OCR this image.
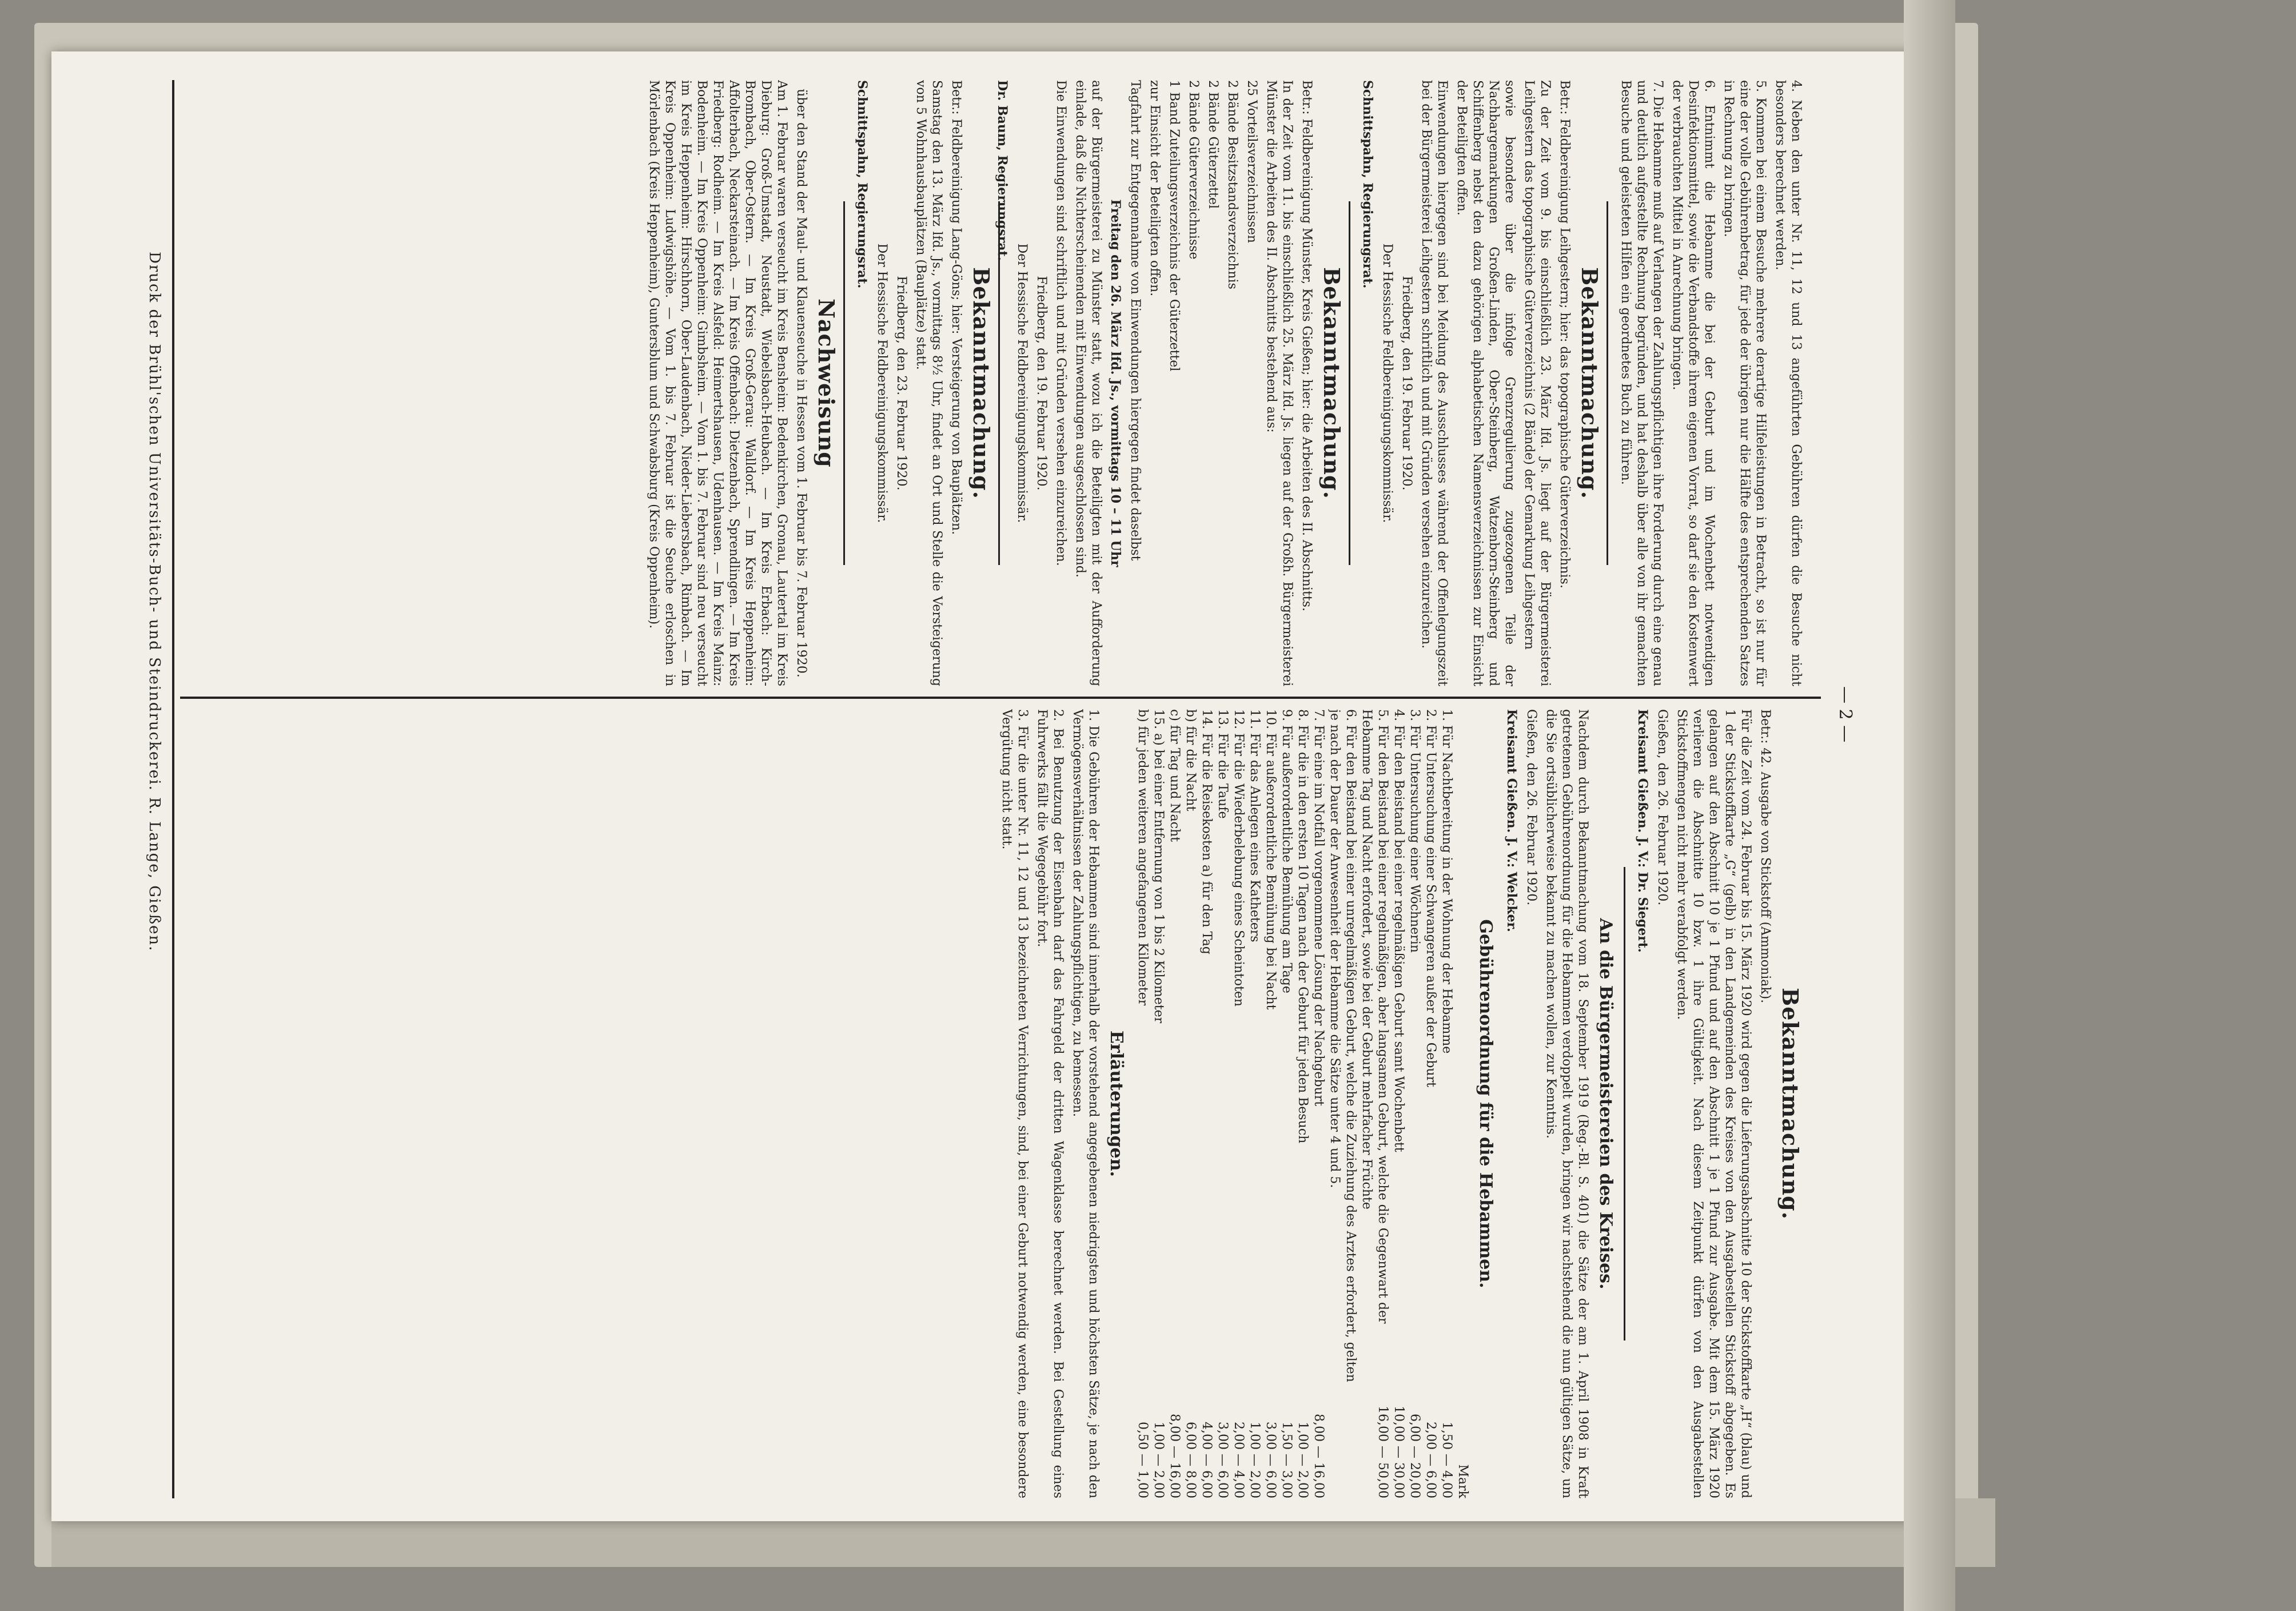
4. Neben den unter Nr. 11, 12 und 13 angeführten Gebühren dürfen die Besuche nicht besonders berechnet werden.

5. Kommen bei einem Besuche mehrere derartige Hilfeleistungen in Betracht, so ist nur für eine der volle Gebührenbetrag, für jede der übrigen nur die Hälfte des entsprechenden Satzes in Rechnung zu bringen.

6. Entnimmt die Hebamme die bei der Geburt und im Wochenbett notwendigen Desinfektionsmittel, sowie die Verbandstoffe ihrem eigenen Vorrat, so darf sie den Kostenwert der verbrauchten Mittel in Anrechnung bringen.

7. Die Hebamme muß auf Verlangen der Zahlungspflichtigen ihre Forderung durch eine genau und deutlich aufgestellte Rechnung begründen, und hat deshalb über alle von ihr gemachten Besuche und geleisteten Hilfen ein geordnetes Buch zu führen.

Bekanntmachung.

Betr.: Feldbereinigung Leihgestern; hier: das topographische Güterverzeichnis.

Zu der Zeit vom 9. bis einschließlich 23. März lfd. Js. liegt auf der Bürgermeisterei Leihgestern das topographische Güterverzeichnis (2 Bände) der Gemarkung Leihgestern

sowie besondere über die infolge Grenzregulierung zugezogenen Teile der Nachbargemarkungen Großen-Linden, Ober-Steinberg, Watzenborn-Steinberg und Schiffenberg nebst den dazu gehörigen alphabetischen Namensverzeichnissen zur Einsicht der Beteiligten offen.

Einwendungen hiergegen sind bei Meidung des Ausschlusses während der Offenlegungszeit bei der Bürgermeisterei Leihgestern schriftlich und mit Gründen versehen einzureichen.

Friedberg, den 19. Februar 1920.

Der Hessische Feldbereinigungskommissär.

Schnittspahn, Regierungsrat.

Bekanntmachung.

Betr.: Feldbereinigung Münster, Kreis Gießen; hier: die Arbeiten des II. Abschnitts.

In der Zeit vom 11. bis einschließlich 25. März lfd. Js. liegen auf der Großh. Bürgermeisterei Münster die Arbeiten des II. Abschnitts bestehend aus:

25 Vorteilsverzeichnissen

2 Bände Besitzstandsverzeichnis

2 Bände Güterzettel

2 Bände Güterverzeichnisse

1 Band Zuteilungsverzeichnis der Güterzettel

zur Einsicht der Beteiligten offen.

Tagfahrt zur Entgegennahme von Einwendungen hiergegen findet daselbst

Freitag den 26. März lfd. Js., vormittags 10 – 11 Uhr

auf der Bürgermeisterei zu Münster statt, wozu ich die Beteiligten mit der Aufforderung einlade, daß die Nichterscheinenden mit Einwendungen ausgeschlossen sind.

Die Einwendungen sind schriftlich und mit Gründen versehen einzureichen.

Friedberg, den 19. Februar 1920.

Der Hessische Feldbereinigungskommissär.

Dr. Baum, Regierungsrat.

Bekanntmachung.

Betr.: Feldbereinigung Lang-Göns; hier: Versteigerung von Bauplätzen.

Samstag den 13. März lfd. Js., vormittags 8½ Uhr, findet an Ort und Stelle die Versteigerung von 5 Wohnhausbauplätzen (Bauplätze) statt.

Friedberg, den 23. Februar 1920.

Der Hessische Feldbereinigungskommissär.

Schnittspahn, Regierungsrat.

Nachweisung

über den Stand der Maul- und Klauenseuche in Hessen vom 1. Februar bis 7. Februar 1920.

Am 1. Februar waren verseucht im Kreis Bensheim: Bedenkirchen, Gronau, Lautertal im Kreis Dieburg: Groß-Umstadt, Neustadt, Wiebelsbach-Heubach. — Im Kreis Erbach: Kirch-Brombach, Ober-Ostern. — Im Kreis Groß-Gerau: Walldorf. — Im Kreis Heppenheim: Affolterbach, Neckarsteinach. — Im Kreis Offenbach: Dietzenbach, Sprendlingen. — Im Kreis Friedberg: Rodheim. — Im Kreis Alsfeld: Heimertshausen, Udenhausen. — Im Kreis Mainz: Bodenheim. — Im Kreis Oppenheim: Gimbsheim. — Vom 1. bis 7. Februar sind neu verseucht im Kreis Heppenheim: Hirschhorn, Ober-Laudenbach, Nieder-Liebersbach, Rimbach. — Im Kreis Oppenheim: Ludwigshöhe. — Vom 1. bis 7. Februar ist die Seuche erloschen in Mörlenbach (Kreis Heppenheim), Guntersblum und Schwabsburg (Kreis Oppenheim).

Bekanntmachung.

Betr.: 42. Ausgabe von Stickstoff (Ammoniak).

Für die Zeit vom 24. Februar bis 15. März 1920 wird gegen die Lieferungsabschnitte 10 der Stickstoffkarte „H“ (blau) und 1 der Stickstoffkarte „G“ (gelb) in den Landgemeinden des Kreises von den Ausgabestellen Stickstoff abgegeben. Es gelangen auf den Abschnitt 10 je 1 Pfund und auf den Abschnitt 1 je 1 Pfund zur Ausgabe. Mit dem 15. März 1920 verlieren die Abschnitte 10 bzw. 1 ihre Gültigkeit. Nach diesem Zeitpunkt dürfen von den Ausgabestellen Stickstoffmengen nicht mehr verabfolgt werden.

Gießen, den 26. Februar 1920.

Kreisamt Gießen. J. V.: Dr. Siegert.

An die Bürgermeistereien des Kreises.

Nachdem durch Bekanntmachung vom 18. September 1919 (Reg.-Bl. S. 401) die Sätze der am 1. April 1908 in Kraft getretenen Gebührenordnung für die Hebammen verdoppelt wurden, bringen wir nachstehend die nun gültigen Sätze, um die Sie ortsüblicherweise bekannt zu machen wollen, zur Kenntnis.

Gießen, den 26. Februar 1920.

Kreisamt Gießen. J. V.: Welcker.

Gebührenordnung für die Hebammen.
Mark
1. Für Nachtbereitung in der Wohnung der Hebamme
1,50 — 4,00
2. Für Untersuchung einer Schwangeren außer der Geburt
2,00 — 6,00
3. Für Untersuchung einer Wöchnerin
6,00 — 20,00
4. Für den Beistand bei einer regelmäßigen Geburt samt Wochenbett
10,00 — 30,00
5. Für den Beistand bei einer regelmäßigen, aber langsamen Geburt, welche die Gegenwart der Hebamme Tag und Nacht erfordert, sowie bei der Geburt mehrfacher Früchte
16,00 — 50,00
6. Für den Beistand bei einer unregelmäßigen Geburt, welche die Zuziehung des Arztes erfordert, gelten je nach der Dauer der Anwesenheit der Hebamme die Sätze unter 4 und 5.
7. Für eine im Notfall vorgenommene Lösung der Nachgeburt
8,00 — 16,00
8. Für die in den ersten 10 Tagen nach der Geburt für jeden Besuch
1,00 — 2,00
9. Für außerordentliche Bemühung am Tage
1,50 — 3,00
10. Für außerordentliche Bemühung bei Nacht
3,00 — 6,00
11. Für das Anlegen eines Katheters
1,00 — 2,00
12. Für die Wiederbelebung eines Scheintoten
2,00 — 4,00
13. Für die Taufe
3,00 — 6,00
14. Für die Reisekosten a) für den Tag
4,00 — 6,00
b) für die Nacht
6,00 — 8,00
c) für Tag und Nacht
8,00 — 16,00
15. a) bei einer Entfernung von 1 bis 2 Kilometer
1,00 — 2,00
b) für jeden weiteren angefangenen Kilometer
0,50 — 1,00
Erläuterungen.

1. Die Gebühren der Hebammen sind innerhalb der vorstehend angegebenen niedrigsten und höchsten Sätze, je nach den Vermögensverhältnissen der Zahlungspflichtigen, zu bemessen.

2. Bei Benutzung der Eisenbahn darf das Fahrgeld der dritten Wagenklasse berechnet werden. Bei Gestellung eines Fuhrwerks fällt die Wegegebühr fort.

3. Für die unter Nr. 11, 12 und 13 bezeichneten Verrichtungen, sind, bei einer Geburt notwendig werden, eine besondere Vergütung nicht statt.	— 2 —
Druck der Brühl'schen Universitäts-Buch- und Steindruckerei. R. Lange, Gießen.
